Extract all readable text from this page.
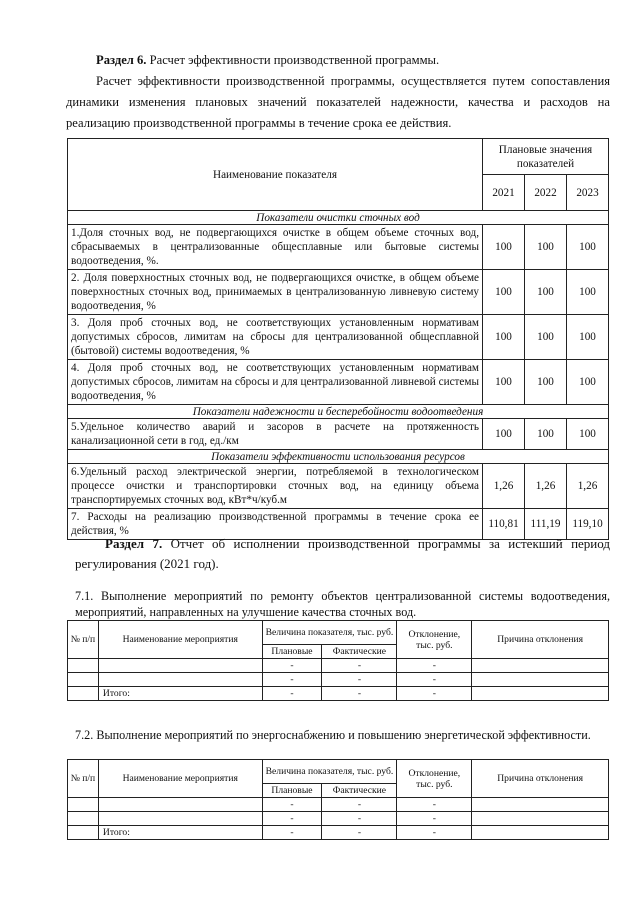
Раздел 6. Расчет эффективности производственной программы.

Расчет эффективности производственной программы, осуществляется путем сопоставления динамики изменения плановых значений показателей надежности, качества и расходов на реализацию производственной программы в течение срока ее действия.

Наименование показателя	Плановые значения показателей		
	2021	2022	2023
Показатели очистки сточных вод			
1.Доля сточных вод, не подвергающихся очистке в общем объеме сточных вод, сбрасываемых в централизованные общесплавные или бытовые системы водоотведения, %.	100	100	100
2. Доля поверхностных сточных вод, не подвергающихся очистке, в общем объеме поверхностных сточных вод, принимаемых в централизованную ливневую систему водоотведения, %	100	100	100
3. Доля проб сточных вод, не соответствующих установленным нормативам допустимых сбросов, лимитам на сбросы для централизованной общесплавной (бытовой) системы водоотведения, %	100	100	100
4. Доля проб сточных вод, не соответствующих установленным нормативам допустимых сбросов, лимитам на сбросы и для централизованной ливневой системы водоотведения, %	100	100	100
Показатели надежности и бесперебойности водоотведения			
5.Удельное количество аварий и засоров в расчете на протяженность канализационной сети в год, ед./км	100	100	100
Показатели эффективности использования ресурсов			
6.Удельный расход электрической энергии, потребляемой в технологическом процессе очистки и транспортировки сточных вод, на единицу объема транспортируемых сточных вод, кВт*ч/куб.м	1,26	1,26	1,26
7. Расходы на реализацию производственной программы в течение срока ее действия, %	110,81	111,19	119,10

Раздел 7. Отчет об исполнении производственной программы за истекший период регулирования (2021 год).

7.1. Выполнение мероприятий по ремонту объектов централизованной системы водоотведения, мероприятий, направленных на улучшение качества сточных вод.

№ п/п	Наименование мероприятия	Величина показателя, тыс. руб.		Отклонение, тыс. руб.	Причина отклонения
		Плановые	Фактические		
		-	-	-	
		-	-	-	
	Итого:	-	-	-	

7.2. Выполнение мероприятий по энергоснабжению и повышению энергетической эффективности.

№ п/п	Наименование мероприятия	Величина показателя, тыс. руб.		Отклонение, тыс. руб.	Причина отклонения
		Плановые	Фактические		
		-	-	-	
		-	-	-	
	Итого:	-	-	-	
